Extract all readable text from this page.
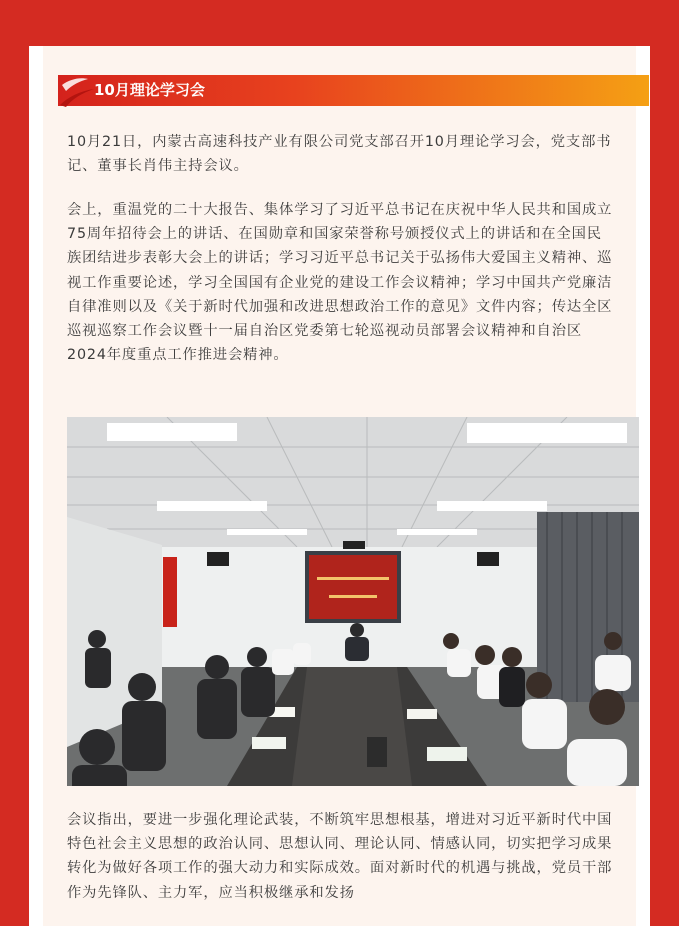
10月理论学习会

10月21日，内蒙古高速科技产业有限公司党支部召开10月理论学习会，党支部书记、董事长肖伟主持会议。

会上，重温党的二十大报告、集体学习了习近平总书记在庆祝中华人民共和国成立75周年招待会上的讲话、在国勋章和国家荣誉称号颁授仪式上的讲话和在全国民族团结进步表彰大会上的讲话；学习习近平总书记关于弘扬伟大爱国主义精神、巡视工作重要论述，学习全国国有企业党的建设工作会议精神；学习中国共产党廉洁自律准则以及《关于新时代加强和改进思想政治工作的意见》文件内容；传达全区巡视巡察工作会议暨十一届自治区党委第七轮巡视动员部署会议精神和自治区2024年度重点工作推进会精神。

会议指出，要进一步强化理论武装，不断筑牢思想根基，增进对习近平新时代中国特色社会主义思想的政治认同、思想认同、理论认同、情感认同，切实把学习成果转化为做好各项工作的强大动力和实际成效。面对新时代的机遇与挑战，党员干部作为先锋队、主力军，应当积极继承和发扬
